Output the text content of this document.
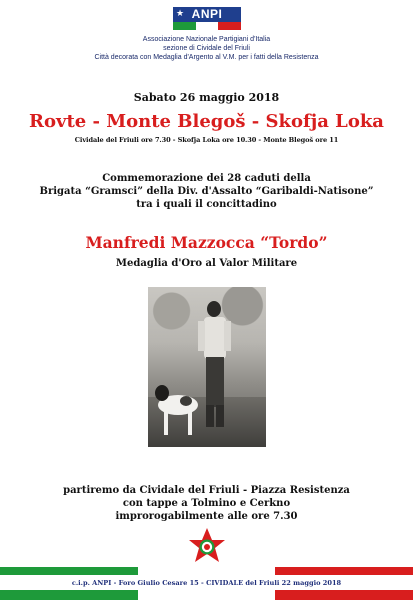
ANPI
★
Associazione Nazionale Partigiani d'Italia
sezione di Cividale del Friuli
Città decorata con Medaglia d'Argento al V.M. per i fatti della Resistenza
Sabato 26 maggio 2018
Rovte - Monte Blegoš - Skofja Loka
Cividale del Friuli ore 7.30 - Skofja Loka ore 10.30 - Monte Blegoš ore 11
Commemorazione dei 28 caduti della
Brigata “Gramsci” della Div. d'Assalto “Garibaldi-Natisone”
tra i quali il concittadino
Manfredi Mazzocca “Tordo”
Medaglia d'Oro al Valor Militare
partiremo da Cividale del Friuli - Piazza Resistenza
con tappe a Tolmino e Cerkno
improrogabilmente alle ore 7.30
c.i.p. ANPI - Foro Giulio Cesare 15 - CIVIDALE del Friuli 22 maggio 2018
